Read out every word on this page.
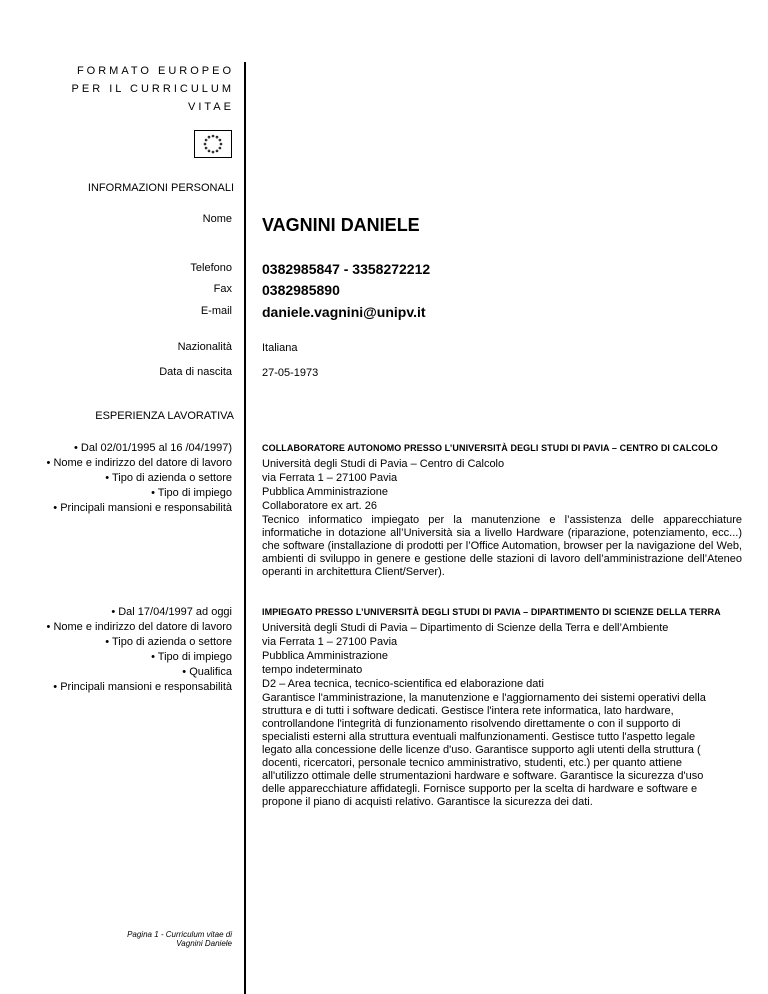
FORMATO EUROPEO
PER IL CURRICULUM
VITAE
INFORMAZIONI PERSONALI
Nome VAGNINI DANIELE
Telefono 0382985847 - 3358272212
Fax 0382985890
E-mail daniele.vagnini@unipv.it
Nazionalità	Italiana
Data di nascita	27-05-1973
ESPERIENZA LAVORATIVA
• Dal 02/01/1995 al 16 /04/1997)
• Nome e indirizzo del datore di lavoro
• Tipo di azienda o settore
• Tipo di impiego
• Principali mansioni e responsabilità
COLLABORATORE AUTONOMO PRESSO L’UNIVERSITÀ DEGLI STUDI DI PAVIA – CENTRO DI CALCOLO
Università degli Studi di Pavia – Centro di Calcolo
via Ferrata 1 – 27100 Pavia
Pubblica Amministrazione
Collaboratore ex art. 26
Tecnico informatico impiegato per la manutenzione e l’assistenza delle apparecchiature informatiche in dotazione all’Università sia a livello Hardware (riparazione, potenziamento, ecc...) che software (installazione di prodotti per l’Office Automation, browser per la navigazione del Web, ambienti di sviluppo in genere e gestione delle stazioni di lavoro dell’amministrazione dell’Ateneo operanti in architettura Client/Server).
• Dal 17/04/1997 ad oggi
• Nome e indirizzo del datore di lavoro
• Tipo di azienda o settore
• Tipo di impiego
• Qualifica
• Principali mansioni e responsabilità
IMPIEGATO PRESSO L’UNIVERSITÀ DEGLI STUDI DI PAVIA – DIPARTIMENTO DI SCIENZE DELLA TERRA
Università degli Studi di Pavia – Dipartimento di Scienze della Terra e dell’Ambiente
via Ferrata 1 – 27100 Pavia
Pubblica Amministrazione
tempo indeterminato
D2 – Area tecnica, tecnico-scientifica ed elaborazione dati
Garantisce l'amministrazione, la manutenzione e l'aggiornamento dei sistemi operativi della struttura e di tutti i software dedicati. Gestisce l'intera rete informatica, lato hardware, controllandone l'integrità di funzionamento risolvendo direttamente o con il supporto di specialisti esterni alla struttura eventuali malfunzionamenti. Gestisce tutto l'aspetto legale legato alla concessione delle licenze d'uso. Garantisce supporto agli utenti della struttura ( docenti, ricercatori, personale tecnico amministrativo, studenti, etc.) per quanto attiene all'utilizzo ottimale delle strumentazioni hardware e software. Garantisce la sicurezza d'uso delle apparecchiature affidategli. Fornisce supporto per la scelta di hardware e software e propone il piano di acquisti relativo. Garantisce la sicurezza dei dati.
Pagina 1 - Curriculum vitae di
Vagnini Daniele
